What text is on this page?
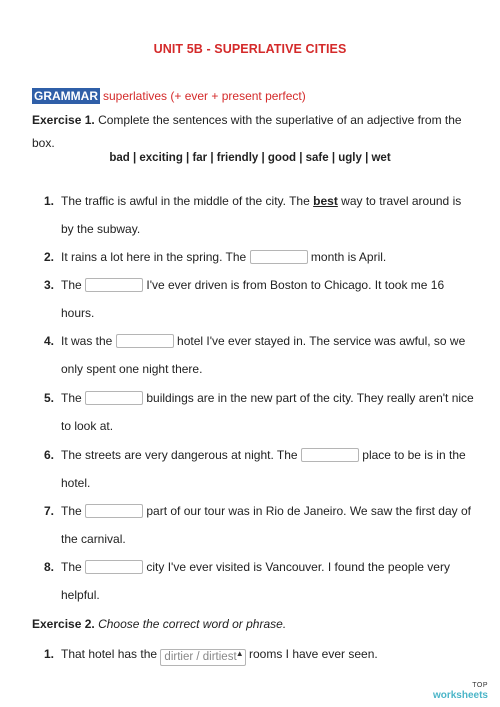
UNIT 5B - SUPERLATIVE CITIES
GRAMMAR superlatives (+ ever + present perfect)
Exercise 1. Complete the sentences with the superlative of an adjective from the box.
bad | exciting | far | friendly | good | safe | ugly | wet
1. The traffic is awful in the middle of the city. The best way to travel around is by the subway.
2. It rains a lot here in the spring. The	month is April.
3. The	I've ever driven is from Boston to Chicago. It took me 16 hours.
4. It was the	hotel I've ever stayed in. The service was awful, so we only spent one night there.
5. The	buildings are in the new part of the city. They really aren't nice to look at.
6. The streets are very dangerous at night. The	place to be is in the hotel.
7. The	part of our tour was in Rio de Janeiro. We saw the first day of the carnival.
8. The	city I've ever visited is Vancouver. I found the people very helpful.
Exercise 2. Choose the correct word or phrase.
1. That hotel has the dirtier / dirtiest ▲ rooms I have ever seen.
TOP
worksheets
